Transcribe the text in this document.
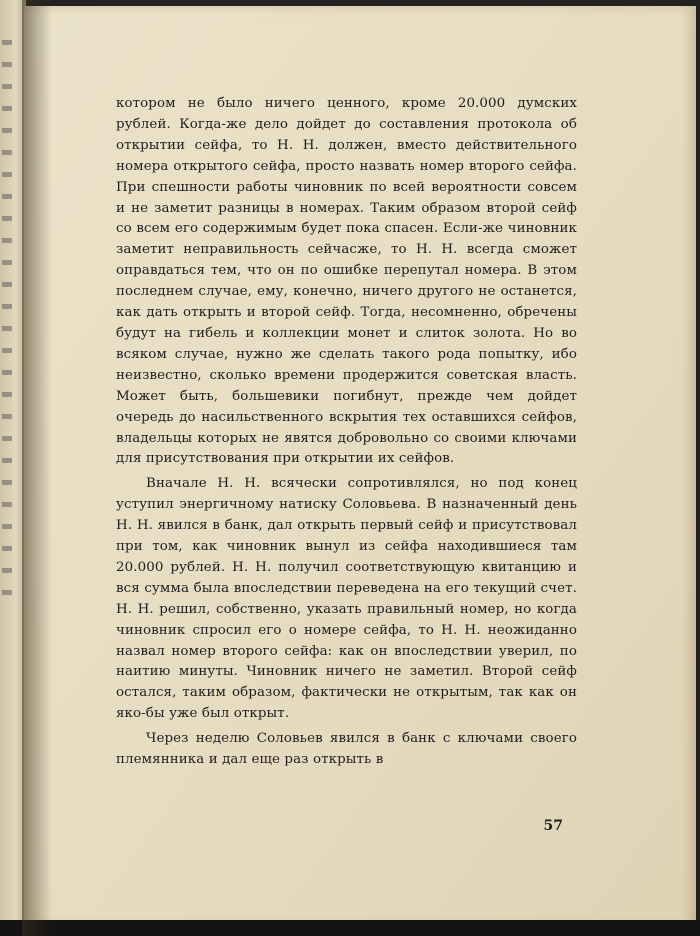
котором не было ничего ценного, кроме 20.000 думских рублей. Когда-же дело дойдет до составления протокола об открытии сейфа, то Н. Н. должен, вместо действительного номера открытого сейфа, просто назвать номер второго сейфа. При спешности работы чиновник по всей вероятности совсем и не заметит разницы в номерах. Таким образом второй сейф со всем его содержимым будет пока спасен. Если-же чиновник заметит неправильность сейчасже, то Н. Н. всегда сможет оправдаться тем, что он по ошибке перепутал номера. В этом последнем случае, ему, конечно, ничего другого не останется, как дать открыть и второй сейф. Тогда, несомненно, обречены будут на гибель и коллекции монет и слиток золота. Но во всяком случае, нужно же сделать такого рода попытку, ибо неизвестно, сколько времени продержится советская власть. Может быть, большевики погибнут, прежде чем дойдет очередь до насильственного вскрытия тех оставшихся сейфов, владельцы которых не явятся добровольно со своими ключами для присутствования при открытии их сейфов.

Вначале Н. Н. всячески сопротивлялся, но под конец уступил энергичному натиску Соловьева. В назначенный день Н. Н. явился в банк, дал открыть первый сейф и присутствовал при том, как чиновник вынул из сейфа находившиеся там 20.000 рублей. Н. Н. получил соответствующую квитанцию и вся сумма была впоследствии переведена на его текущий счет. Н. Н. решил, собственно, указать правильный номер, но когда чиновник спросил его о номере сейфа, то Н. Н. неожиданно назвал номер второго сейфа: как он впоследствии уверил, по наитию минуты. Чиновник ничего не заметил. Второй сейф остался, таким образом, фактически не открытым, так как он яко-бы уже был открыт.

Через неделю Соловьев явился в банк с ключами своего племянника и дал еще раз открыть в

57
